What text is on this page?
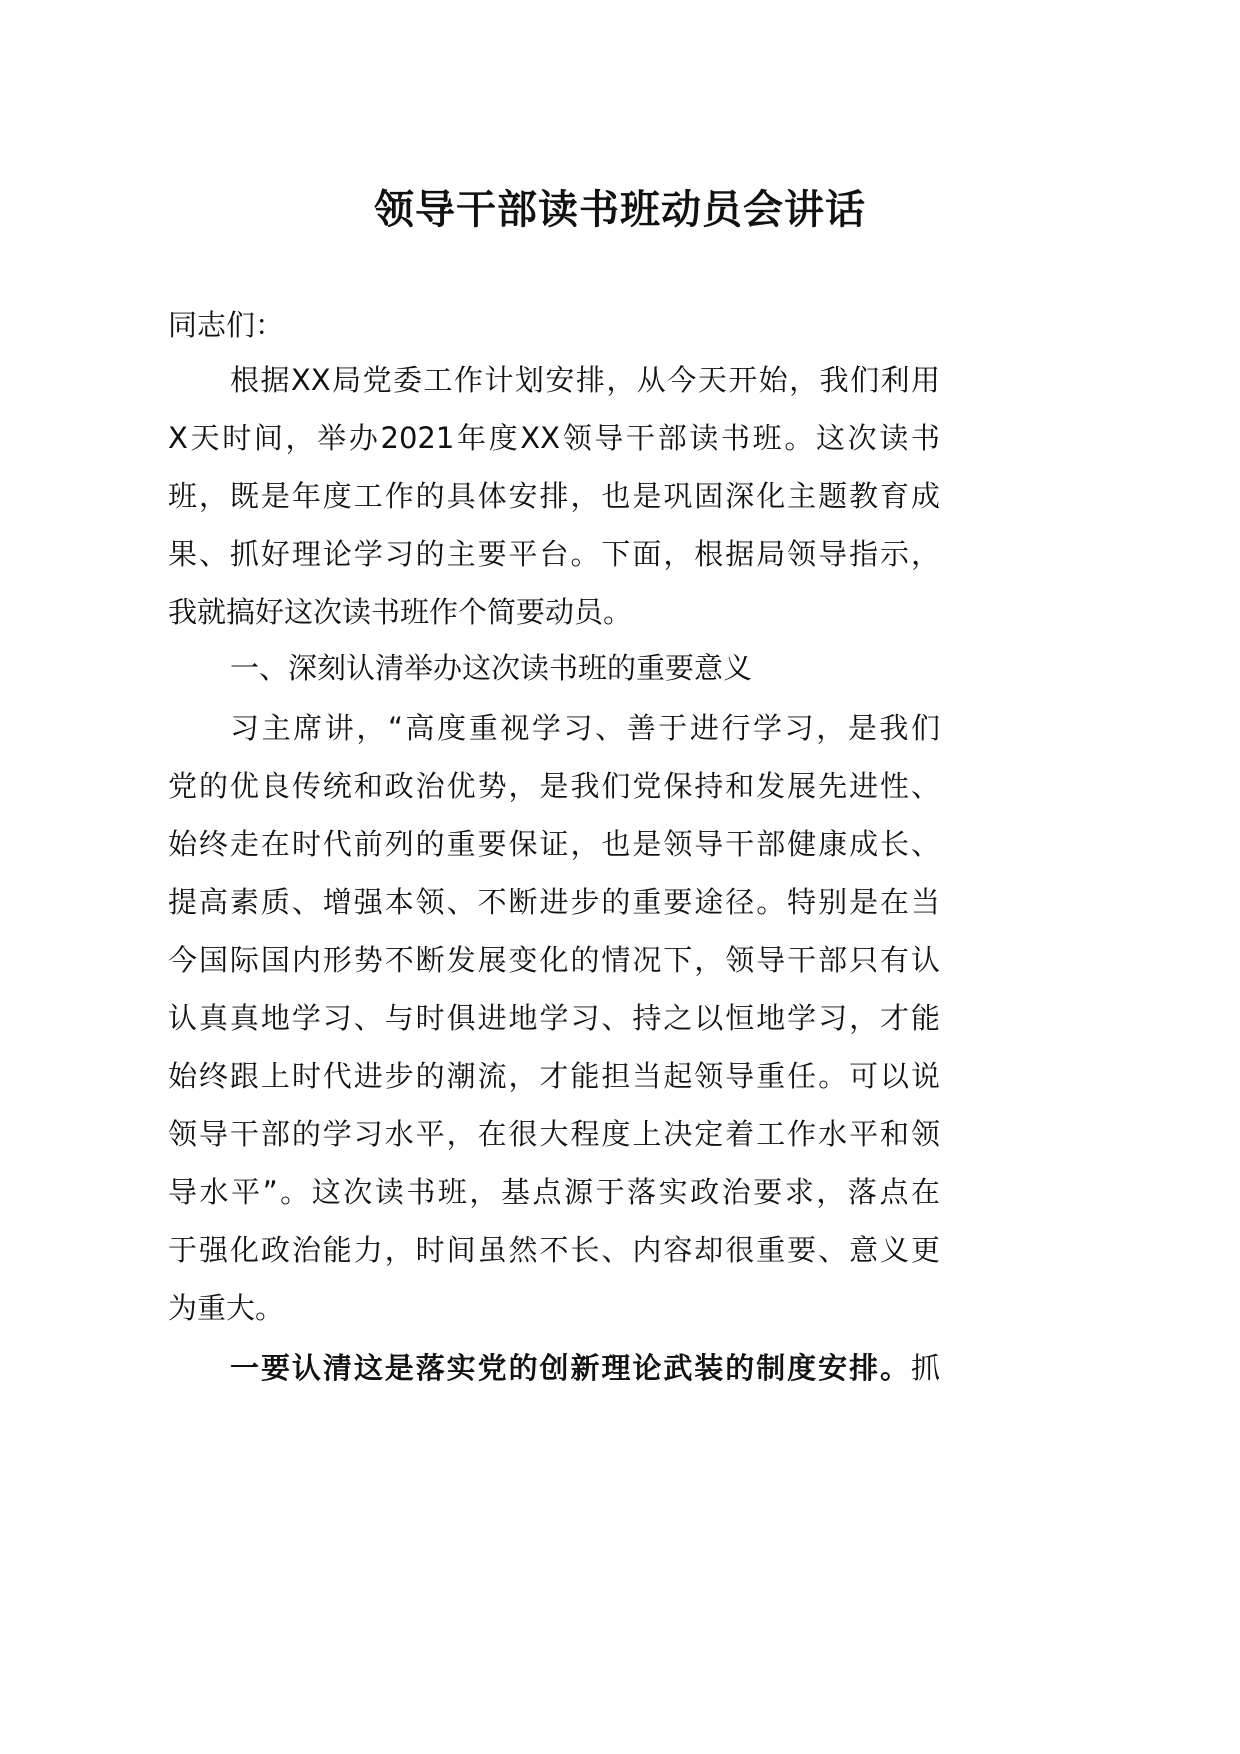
领导干部读书班动员会讲话
同志们：
根据XX局党委工作计划安排，从今天开始，我们利用
X天时间，举办2021年度XX领导干部读书班。这次读书
班，既是年度工作的具体安排，也是巩固深化主题教育成
果、抓好理论学习的主要平台。下面，根据局领导指示，
我就搞好这次读书班作个简要动员。
一、深刻认清举办这次读书班的重要意义
习主席讲，“高度重视学习、善于进行学习，是我们
党的优良传统和政治优势，是我们党保持和发展先进性、
始终走在时代前列的重要保证，也是领导干部健康成长、
提高素质、增强本领、不断进步的重要途径。特别是在当
今国际国内形势不断发展变化的情况下，领导干部只有认
认真真地学习、与时俱进地学习、持之以恒地学习，才能
始终跟上时代进步的潮流，才能担当起领导重任。可以说
领导干部的学习水平，在很大程度上决定着工作水平和领
导水平”。这次读书班，基点源于落实政治要求，落点在
于强化政治能力，时间虽然不长、内容却很重要、意义更
为重大。
一要认清这是落实党的创新理论武装的制度安排。抓
